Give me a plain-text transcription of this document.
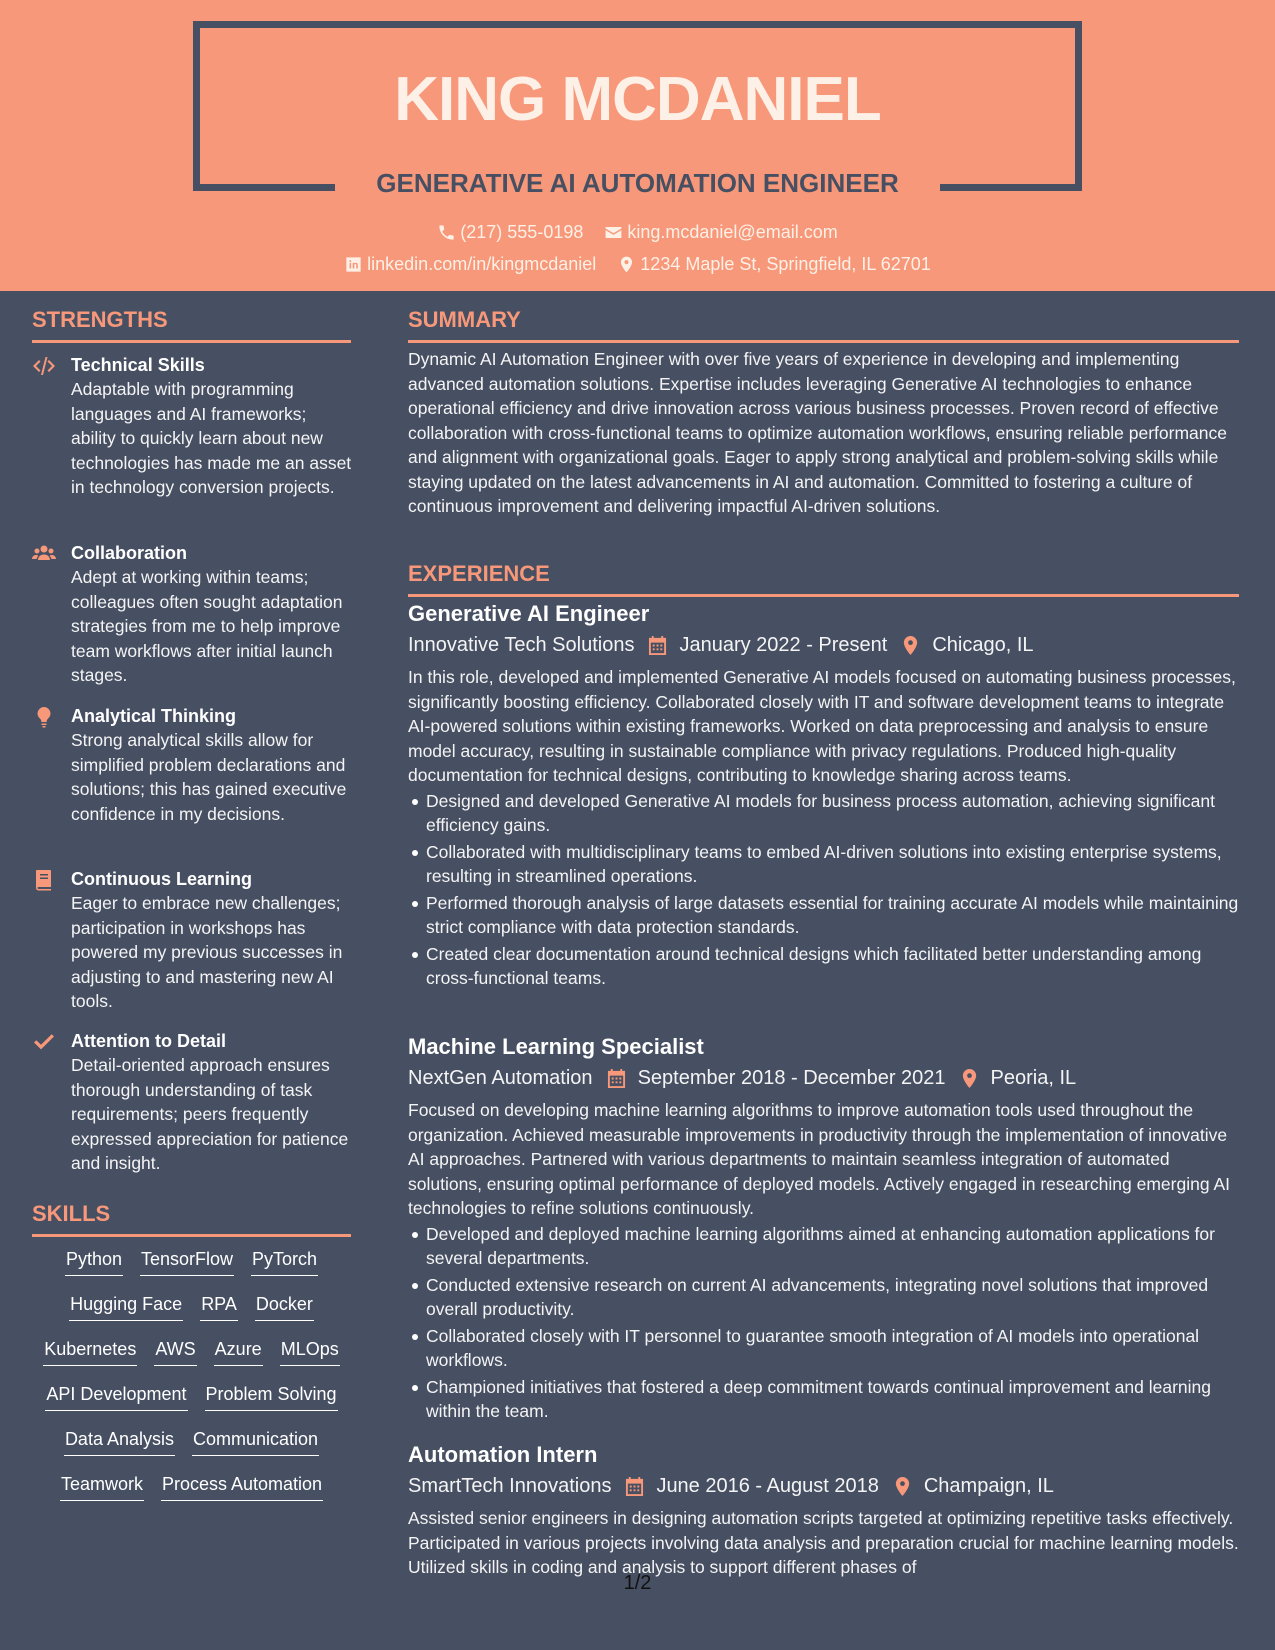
KING MCDANIEL
GENERATIVE AI AUTOMATION ENGINEER
(217) 555-0198
king.mcdaniel@email.com
linkedin.com/in/kingmcdaniel
1234 Maple St, Springfield, IL 62701
STRENGTHS
Technical Skills
Adaptable with programming languages and AI frameworks; ability to quickly learn about new technologies has made me an asset in technology conversion projects.
Collaboration
Adept at working within teams; colleagues often sought adaptation strategies from me to help improve team workflows after initial launch stages.
Analytical Thinking
Strong analytical skills allow for simplified problem declarations and solutions; this has gained executive confidence in my decisions.
Continuous Learning
Eager to embrace new challenges; participation in workshops has powered my previous successes in adjusting to and mastering new AI tools.
Attention to Detail
Detail-oriented approach ensures thorough understanding of task requirements; peers frequently expressed appreciation for patience and insight.
SKILLS
Python TensorFlow PyTorch
Hugging Face RPA Docker
Kubernetes AWS Azure MLOps
API Development Problem Solving
Data Analysis Communication
Teamwork Process Automation
SUMMARY
Dynamic AI Automation Engineer with over five years of experience in developing and implementing advanced automation solutions. Expertise includes leveraging Generative AI technologies to enhance operational efficiency and drive innovation across various business processes. Proven record of effective collaboration with cross-functional teams to optimize automation workflows, ensuring reliable performance and alignment with organizational goals. Eager to apply strong analytical and problem-solving skills while staying updated on the latest advancements in AI and automation. Committed to fostering a culture of continuous improvement and delivering impactful AI-driven solutions.
EXPERIENCE
Generative AI Engineer
Innovative Tech Solutions January 2022 - Present Chicago, IL
In this role, developed and implemented Generative AI models focused on automating business processes, significantly boosting efficiency. Collaborated closely with IT and software development teams to integrate AI-powered solutions within existing frameworks. Worked on data preprocessing and analysis to ensure model accuracy, resulting in sustainable compliance with privacy regulations. Produced high-quality documentation for technical designs, contributing to knowledge sharing across teams.
Designed and developed Generative AI models for business process automation, achieving significant efficiency gains.
Collaborated with multidisciplinary teams to embed AI-driven solutions into existing enterprise systems, resulting in streamlined operations.
Performed thorough analysis of large datasets essential for training accurate AI models while maintaining strict compliance with data protection standards.
Created clear documentation around technical designs which facilitated better understanding among cross-functional teams.
Machine Learning Specialist
NextGen Automation September 2018 - December 2021 Peoria, IL
Focused on developing machine learning algorithms to improve automation tools used throughout the organization. Achieved measurable improvements in productivity through the implementation of innovative AI approaches. Partnered with various departments to maintain seamless integration of automated solutions, ensuring optimal performance of deployed models. Actively engaged in researching emerging AI technologies to refine solutions continuously.
Developed and deployed machine learning algorithms aimed at enhancing automation applications for several departments.
Conducted extensive research on current AI advancements, integrating novel solutions that improved overall productivity.
Collaborated closely with IT personnel to guarantee smooth integration of AI models into operational workflows.
Championed initiatives that fostered a deep commitment towards continual improvement and learning within the team.
Automation Intern
SmartTech Innovations June 2016 - August 2018 Champaign, IL
Assisted senior engineers in designing automation scripts targeted at optimizing repetitive tasks effectively. Participated in various projects involving data analysis and preparation crucial for machine learning models. Utilized skills in coding and analysis to support different phases of
1/2
